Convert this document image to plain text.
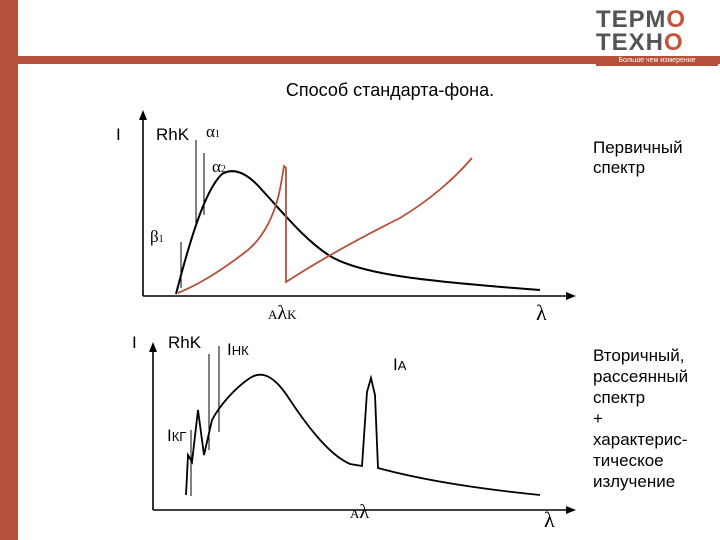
ТЕРМО
ТЕХНО
Больше чем измерение
Способ стандарта-фона.
I RhK α1
α2
β1
AλK	λ
Первичный
спектр
I RhK IНК
IA
IКГ
Aλ	λ
Вторичный,
рассеянный
спектр
+
характерис-
тическое
излучение
